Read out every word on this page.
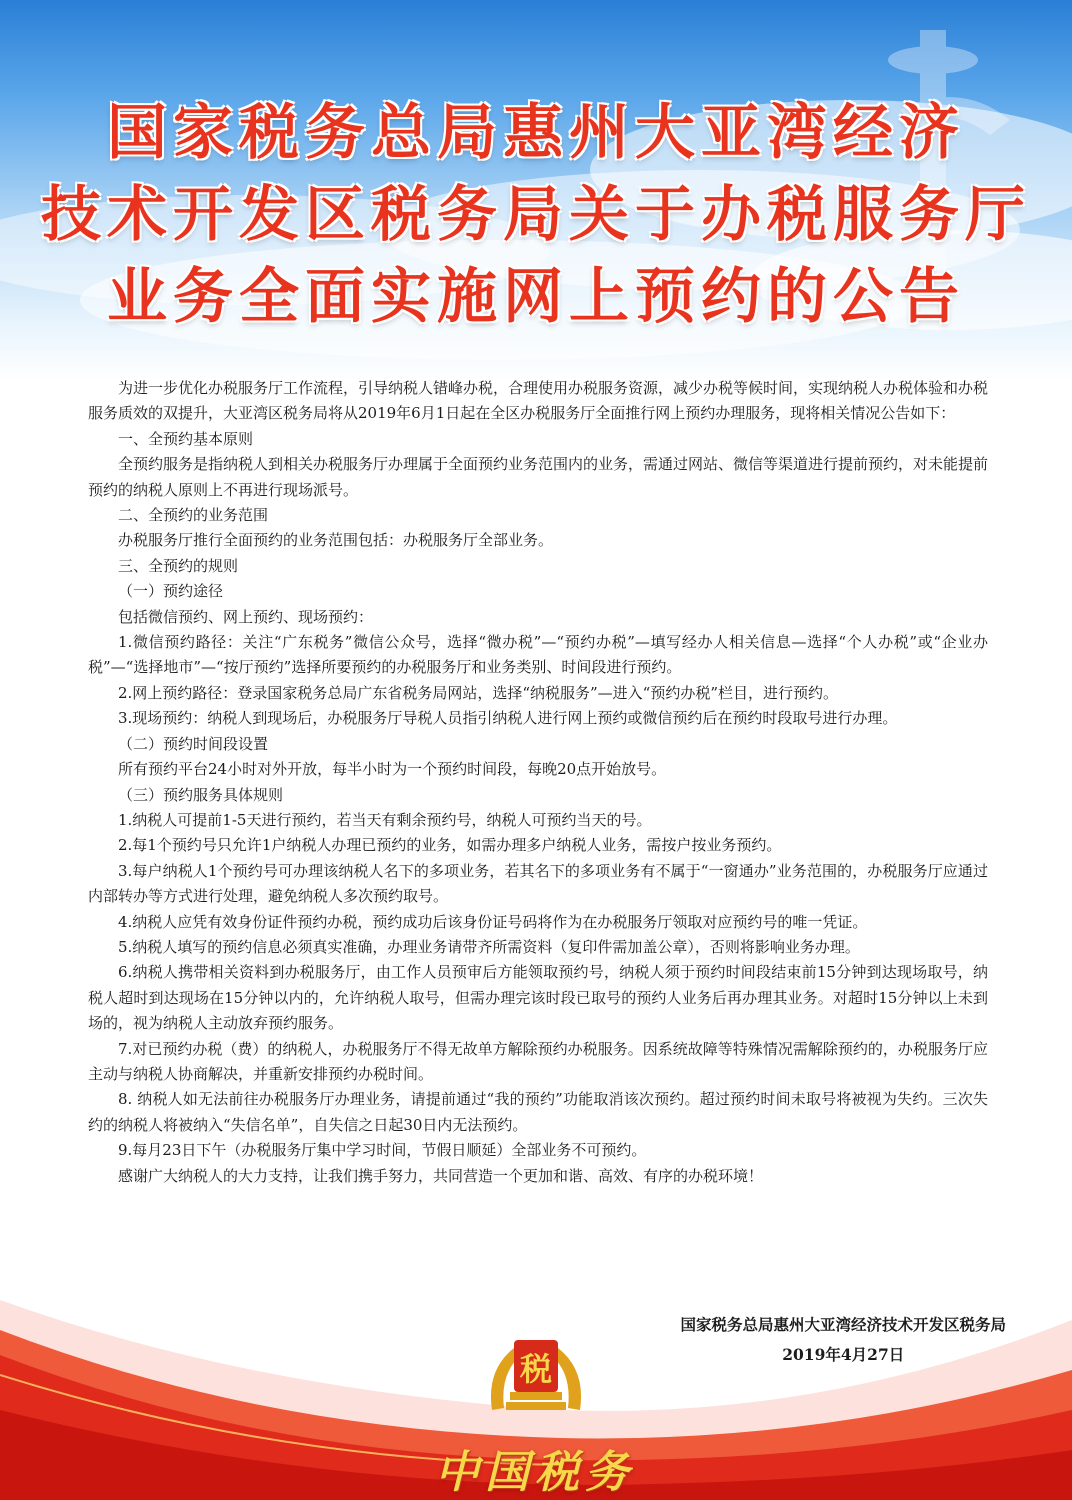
国家税务总局惠州大亚湾经济
技术开发区税务局关于办税服务厅
业务全面实施网上预约的公告

为进一步优化办税服务厅工作流程，引导纳税人错峰办税，合理使用办税服务资源，减少办税等候时间，实现纳税人办税体验和办税服务质效的双提升，大亚湾区税务局将从2019年6月1日起在全区办税服务厅全面推行网上预约办理服务，现将相关情况公告如下：

一、全预约基本原则

全预约服务是指纳税人到相关办税服务厅办理属于全面预约业务范围内的业务，需通过网站、微信等渠道进行提前预约，对未能提前预约的纳税人原则上不再进行现场派号。

二、全预约的业务范围

办税服务厅推行全面预约的业务范围包括：办税服务厅全部业务。

三、全预约的规则

（一）预约途径

包括微信预约、网上预约、现场预约：

1.微信预约路径：关注“广东税务”微信公众号，选择“微办税”—“预约办税”—填写经办人相关信息—选择“个人办税”或“企业办税”—“选择地市”—“按厅预约”选择所要预约的办税服务厅和业务类别、时间段进行预约。

2.网上预约路径：登录国家税务总局广东省税务局网站，选择“纳税服务”—进入“预约办税”栏目，进行预约。

3.现场预约：纳税人到现场后，办税服务厅导税人员指引纳税人进行网上预约或微信预约后在预约时段取号进行办理。

（二）预约时间段设置

所有预约平台24小时对外开放，每半小时为一个预约时间段，每晚20点开始放号。

（三）预约服务具体规则

1.纳税人可提前1-5天进行预约，若当天有剩余预约号，纳税人可预约当天的号。

2.每1个预约号只允许1户纳税人办理已预约的业务，如需办理多户纳税人业务，需按户按业务预约。

3.每户纳税人1个预约号可办理该纳税人名下的多项业务，若其名下的多项业务有不属于“一窗通办”业务范围的，办税服务厅应通过内部转办等方式进行处理，避免纳税人多次预约取号。

4.纳税人应凭有效身份证件预约办税，预约成功后该身份证号码将作为在办税服务厅领取对应预约号的唯一凭证。

5.纳税人填写的预约信息必须真实准确，办理业务请带齐所需资料（复印件需加盖公章），否则将影响业务办理。

6.纳税人携带相关资料到办税服务厅，由工作人员预审后方能领取预约号，纳税人须于预约时间段结束前15分钟到达现场取号，纳税人超时到达现场在15分钟以内的，允许纳税人取号，但需办理完该时段已取号的预约人业务后再办理其业务。对超时15分钟以上未到场的，视为纳税人主动放弃预约服务。

7.对已预约办税（费）的纳税人，办税服务厅不得无故单方解除预约办税服务。因系统故障等特殊情况需解除预约的，办税服务厅应主动与纳税人协商解决，并重新安排预约办税时间。

8. 纳税人如无法前往办税服务厅办理业务，请提前通过“我的预约”功能取消该次预约。超过预约时间未取号将被视为失约。三次失约的纳税人将被纳入“失信名单”，自失信之日起30日内无法预约。

9.每月23日下午（办税服务厅集中学习时间，节假日顺延）全部业务不可预约。

感谢广大纳税人的大力支持，让我们携手努力，共同营造一个更加和谐、高效、有序的办税环境！

国家税务总局惠州大亚湾经济技术开发区税务局
2019年4月27日
税
中国税务
